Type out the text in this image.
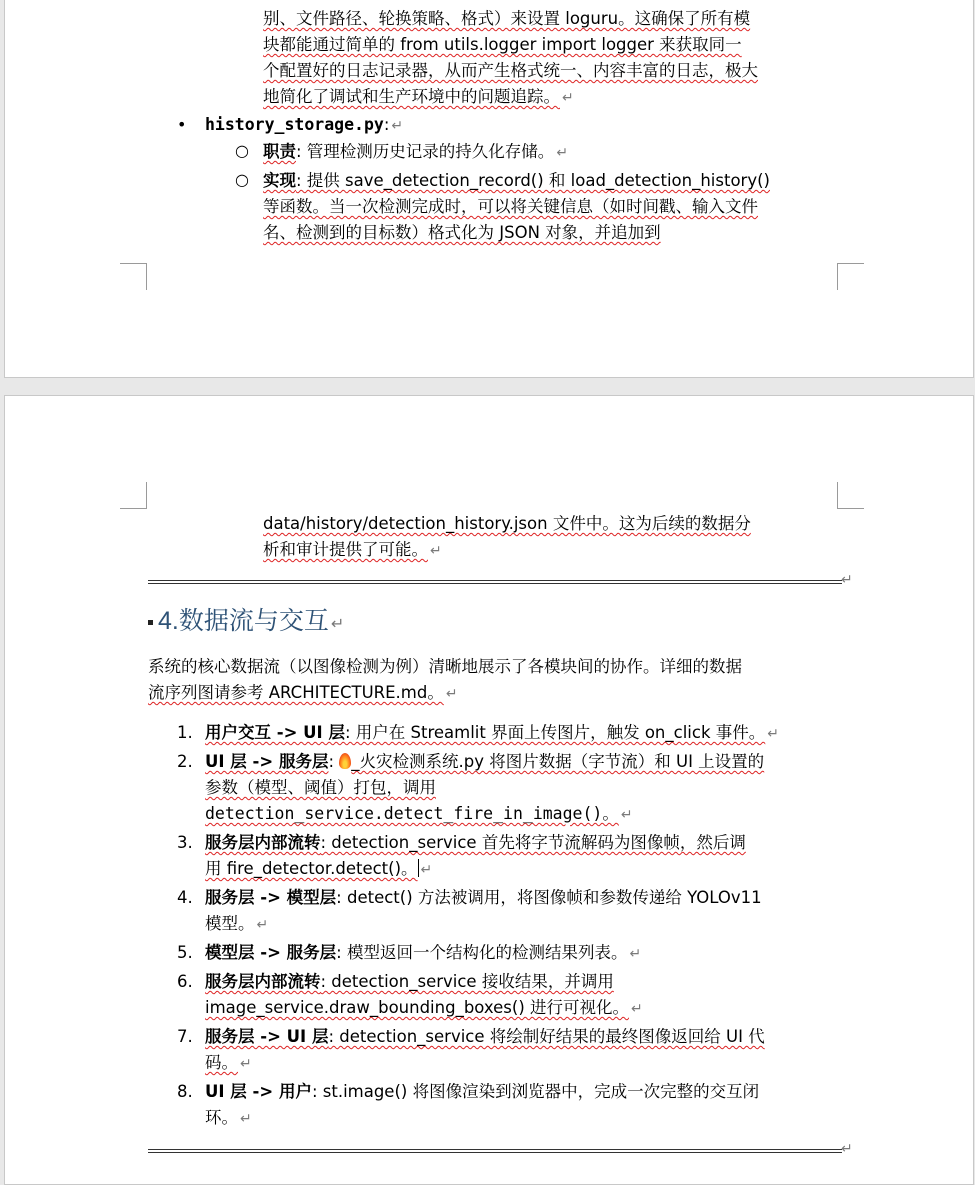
别、文件路径、轮换策略、格式）来设置 loguru。这确保了所有模
块都能通过简单的 from utils.logger import logger 来获取同一
个配置好的日志记录器，从而产生格式统一、内容丰富的日志，极大
地简化了调试和生产环境中的问题追踪。 ↵
• history_storage.py: ↵
○ 职责: 管理检测历史记录的持久化存储。 ↵
○ 实现: 提供 save_detection_record() 和 load_detection_history()
等函数。当一次检测完成时，可以将关键信息（如时间戳、输入文件
名、检测到的目标数）格式化为 JSON 对象，并追加到
data/history/detection_history.json 文件中。这为后续的数据分
析和审计提供了可能。 ↵
↵
4.数据流与交互 ↵
系统的核心数据流（以图像检测为例）清晰地展示了各模块间的协作。详细的数据
流序列图请参考 ARCHITECTURE.md。 ↵
1. 用户交互 -> UI 层: 用户在 Streamlit 界面上传图片，触发 on_click 事件。 ↵
2. UI 层 -> 服务层: _火灾检测系统.py 将图片数据（字节流）和 UI 上设置的
参数（模型、阈值）打包，调用
detection_service.detect_fire_in_image()。 ↵
3. 服务层内部流转: detection_service 首先将字节流解码为图像帧，然后调
用 fire_detector.detect()。 ↵
4. 服务层 -> 模型层: detect() 方法被调用，将图像帧和参数传递给 YOLOv11
模型。 ↵
5. 模型层 -> 服务层: 模型返回一个结构化的检测结果列表。 ↵
6. 服务层内部流转: detection_service 接收结果，并调用
image_service.draw_bounding_boxes() 进行可视化。 ↵
7. 服务层 -> UI 层: detection_service 将绘制好结果的最终图像返回给 UI 代
码。 ↵
8. UI 层 -> 用户: st.image() 将图像渲染到浏览器中，完成一次完整的交互闭
环。 ↵
↵
